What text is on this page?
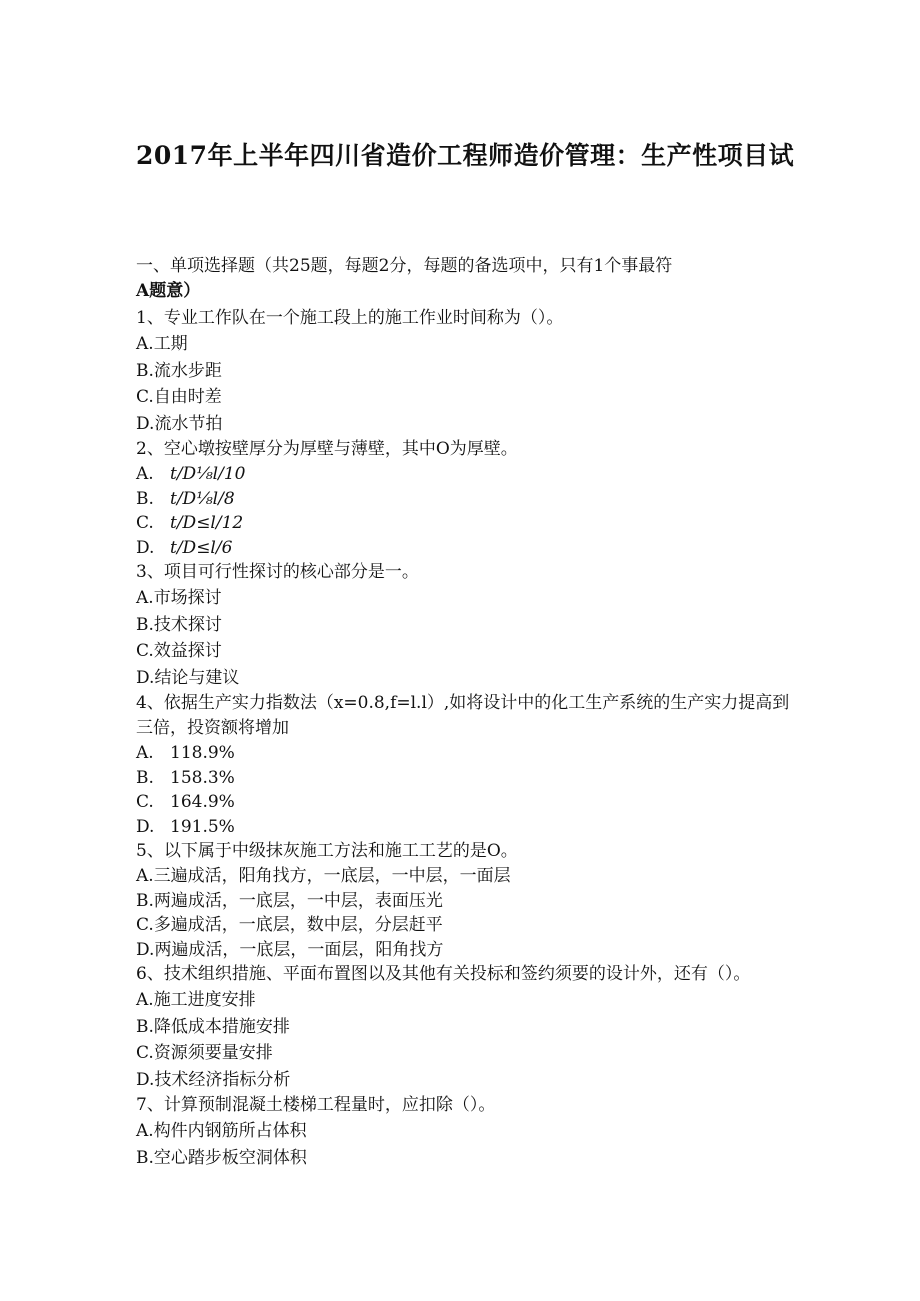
2017年上半年四川省造价工程师造价管理：生产性项目试
一、单项选择题（共25题，每题2分，每题的备选项中，只有1个事最符
A题意）

1、专业工作队在一个施工段上的施工作业时间称为（）。

A.工期

B.流水步距

C.自由时差

D.流水节拍

2、空心墩按壁厚分为厚壁与薄壁，其中O为厚壁。

A. t/D⅛l/10

B. t/D⅛l/8

C. t/D≤l/12

D. t/D≤l/6

3、项目可行性探讨的核心部分是一。

A.市场探讨

B.技术探讨

C.效益探讨

D.结论与建议

4、依据生产实力指数法（x=0.8,f=l.l）,如将设计中的化工生产系统的生产实力提高到三倍，投资额将增加

A. 118.9%

B. 158.3%

C. 164.9%

D. 191.5%

5、以下属于中级抹灰施工方法和施工工艺的是O。

A.三遍成活，阳角找方，一底层，一中层，一面层

B.两遍成活，一底层，一中层，表面压光

C.多遍成活，一底层，数中层，分层赶平

D.两遍成活，一底层，一面层，阳角找方

6、技术组织措施、平面布置图以及其他有关投标和签约须要的设计外，还有（）。

A.施工进度安排

B.降低成本措施安排

C.资源须要量安排

D.技术经济指标分析

7、计算预制混凝土楼梯工程量时，应扣除（）。

A.构件内钢筋所占体积

B.空心踏步板空洞体积
